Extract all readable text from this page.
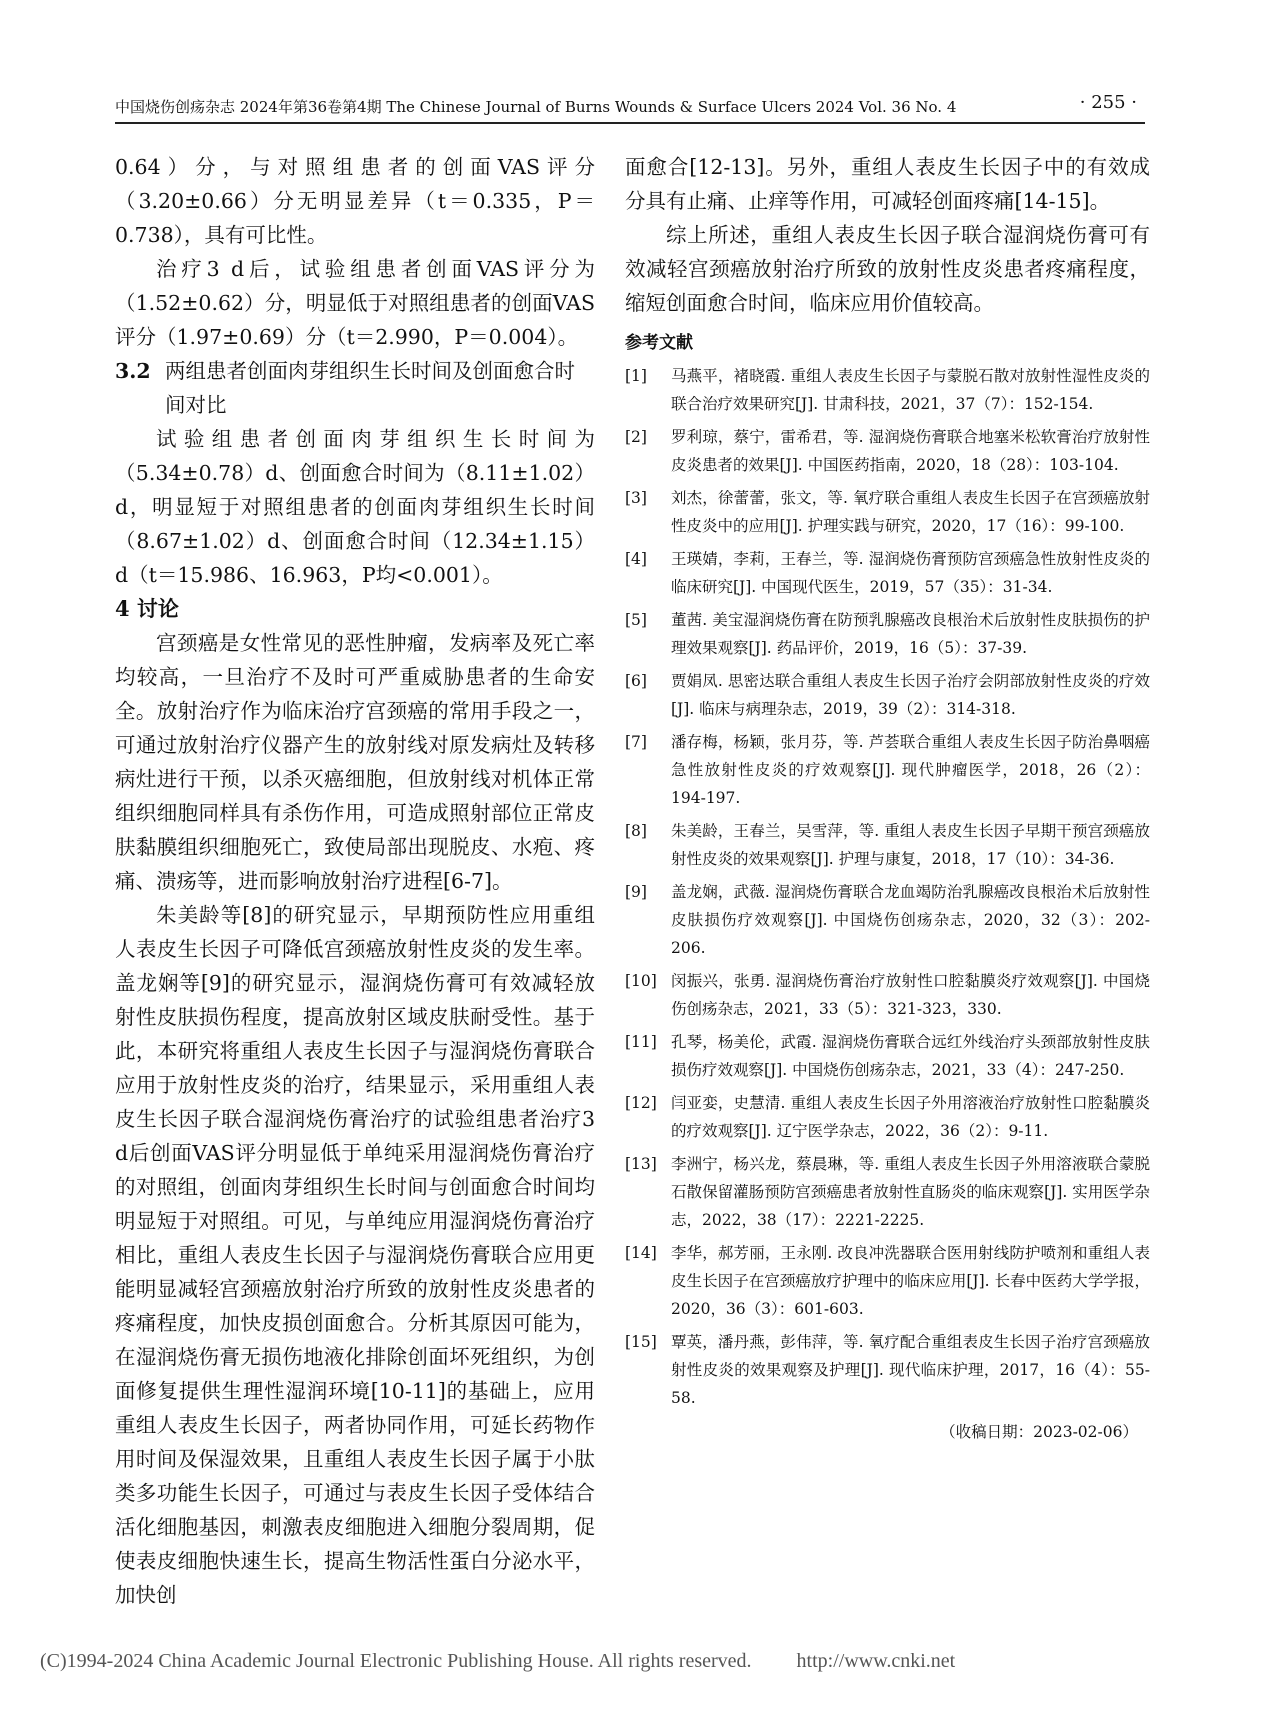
中国烧伤创疡杂志 2024年第36卷第4期 The Chinese Journal of Burns Wounds & Surface Ulcers 2024 Vol. 36 No. 4	· 255 ·

0.64）分，与对照组患者的创面VAS评分（3.20±0.66）分无明显差异（t＝0.335，P＝0.738），具有可比性。

治疗3 d后，试验组患者创面VAS评分为（1.52±0.62）分，明显低于对照组患者的创面VAS评分（1.97±0.69）分（t＝2.990，P＝0.004）。

3.2 两组患者创面肉芽组织生长时间及创面愈合时间对比

试验组患者创面肉芽组织生长时间为（5.34±0.78）d、创面愈合时间为（8.11±1.02）d，明显短于对照组患者的创面肉芽组织生长时间（8.67±1.02）d、创面愈合时间（12.34±1.15）d（t＝15.986、16.963，P均<0.001）。

4 讨论

宫颈癌是女性常见的恶性肿瘤，发病率及死亡率均较高，一旦治疗不及时可严重威胁患者的生命安全。放射治疗作为临床治疗宫颈癌的常用手段之一，可通过放射治疗仪器产生的放射线对原发病灶及转移病灶进行干预，以杀灭癌细胞，但放射线对机体正常组织细胞同样具有杀伤作用，可造成照射部位正常皮肤黏膜组织细胞死亡，致使局部出现脱皮、水疱、疼痛、溃疡等，进而影响放射治疗进程[6-7]。

朱美龄等[8]的研究显示，早期预防性应用重组人表皮生长因子可降低宫颈癌放射性皮炎的发生率。盖龙娴等[9]的研究显示，湿润烧伤膏可有效减轻放射性皮肤损伤程度，提高放射区域皮肤耐受性。基于此，本研究将重组人表皮生长因子与湿润烧伤膏联合应用于放射性皮炎的治疗，结果显示，采用重组人表皮生长因子联合湿润烧伤膏治疗的试验组患者治疗3 d后创面VAS评分明显低于单纯采用湿润烧伤膏治疗的对照组，创面肉芽组织生长时间与创面愈合时间均明显短于对照组。可见，与单纯应用湿润烧伤膏治疗相比，重组人表皮生长因子与湿润烧伤膏联合应用更能明显减轻宫颈癌放射治疗所致的放射性皮炎患者的疼痛程度，加快皮损创面愈合。分析其原因可能为，在湿润烧伤膏无损伤地液化排除创面坏死组织，为创面修复提供生理性湿润环境[10-11]的基础上，应用重组人表皮生长因子，两者协同作用，可延长药物作用时间及保湿效果，且重组人表皮生长因子属于小肽类多功能生长因子，可通过与表皮生长因子受体结合活化细胞基因，刺激表皮细胞进入细胞分裂周期，促使表皮细胞快速生长，提高生物活性蛋白分泌水平，加快创

面愈合[12-13]。另外，重组人表皮生长因子中的有效成分具有止痛、止痒等作用，可减轻创面疼痛[14-15]。

综上所述，重组人表皮生长因子联合湿润烧伤膏可有效减轻宫颈癌放射治疗所致的放射性皮炎患者疼痛程度，缩短创面愈合时间，临床应用价值较高。

参考文献
[1]	马燕平，褚晓霞. 重组人表皮生长因子与蒙脱石散对放射性湿性皮炎的联合治疗效果研究[J]. 甘肃科技，2021，37（7）：152-154.
[2]	罗利琼，蔡宁，雷希君，等. 湿润烧伤膏联合地塞米松软膏治疗放射性皮炎患者的效果[J]. 中国医药指南，2020，18（28）：103-104.
[3]	刘杰，徐蕾蕾，张文，等. 氧疗联合重组人表皮生长因子在宫颈癌放射性皮炎中的应用[J]. 护理实践与研究，2020，17（16）：99-100.
[4]	王瑛婧，李莉，王春兰，等. 湿润烧伤膏预防宫颈癌急性放射性皮炎的临床研究[J]. 中国现代医生，2019，57（35）：31-34.
[5]	董茜. 美宝湿润烧伤膏在防预乳腺癌改良根治术后放射性皮肤损伤的护理效果观察[J]. 药品评价，2019，16（5）：37-39.
[6]	贾娟凤. 思密达联合重组人表皮生长因子治疗会阴部放射性皮炎的疗效[J]. 临床与病理杂志，2019，39（2）：314-318.
[7]	潘存梅，杨颖，张月芬，等. 芦荟联合重组人表皮生长因子防治鼻咽癌急性放射性皮炎的疗效观察[J]. 现代肿瘤医学，2018，26（2）：194-197.
[8]	朱美龄，王春兰，吴雪萍，等. 重组人表皮生长因子早期干预宫颈癌放射性皮炎的效果观察[J]. 护理与康复，2018，17（10）：34-36.
[9]	盖龙娴，武薇. 湿润烧伤膏联合龙血竭防治乳腺癌改良根治术后放射性皮肤损伤疗效观察[J]. 中国烧伤创疡杂志，2020，32（3）：202-206.
[10] 闵振兴，张勇. 湿润烧伤膏治疗放射性口腔黏膜炎疗效观察[J]. 中国烧伤创疡杂志，2021，33（5）：321-323，330.
[11] 孔琴，杨美伦，武霞. 湿润烧伤膏联合远红外线治疗头颈部放射性皮肤损伤疗效观察[J]. 中国烧伤创疡杂志，2021，33（4）：247-250.
[12] 闫亚娈，史慧清. 重组人表皮生长因子外用溶液治疗放射性口腔黏膜炎的疗效观察[J]. 辽宁医学杂志，2022，36（2）：9-11.
[13] 李洲宁，杨兴龙，蔡晨琳，等. 重组人表皮生长因子外用溶液联合蒙脱石散保留灌肠预防宫颈癌患者放射性直肠炎的临床观察[J]. 实用医学杂志，2022，38（17）：2221-2225.
[14] 李华，郝芳丽，王永刚. 改良冲洗器联合医用射线防护喷剂和重组人表皮生长因子在宫颈癌放疗护理中的临床应用[J]. 长春中医药大学学报，2020，36（3）：601-603.
[15] 覃英，潘丹燕，彭伟萍，等. 氧疗配合重组表皮生长因子治疗宫颈癌放射性皮炎的效果观察及护理[J]. 现代临床护理，2017，16（4）：55-58.
（收稿日期：2023-02-06）
(C)1994-2024 China Academic Journal Electronic Publishing House. All rights reserved. http://www.cnki.net
